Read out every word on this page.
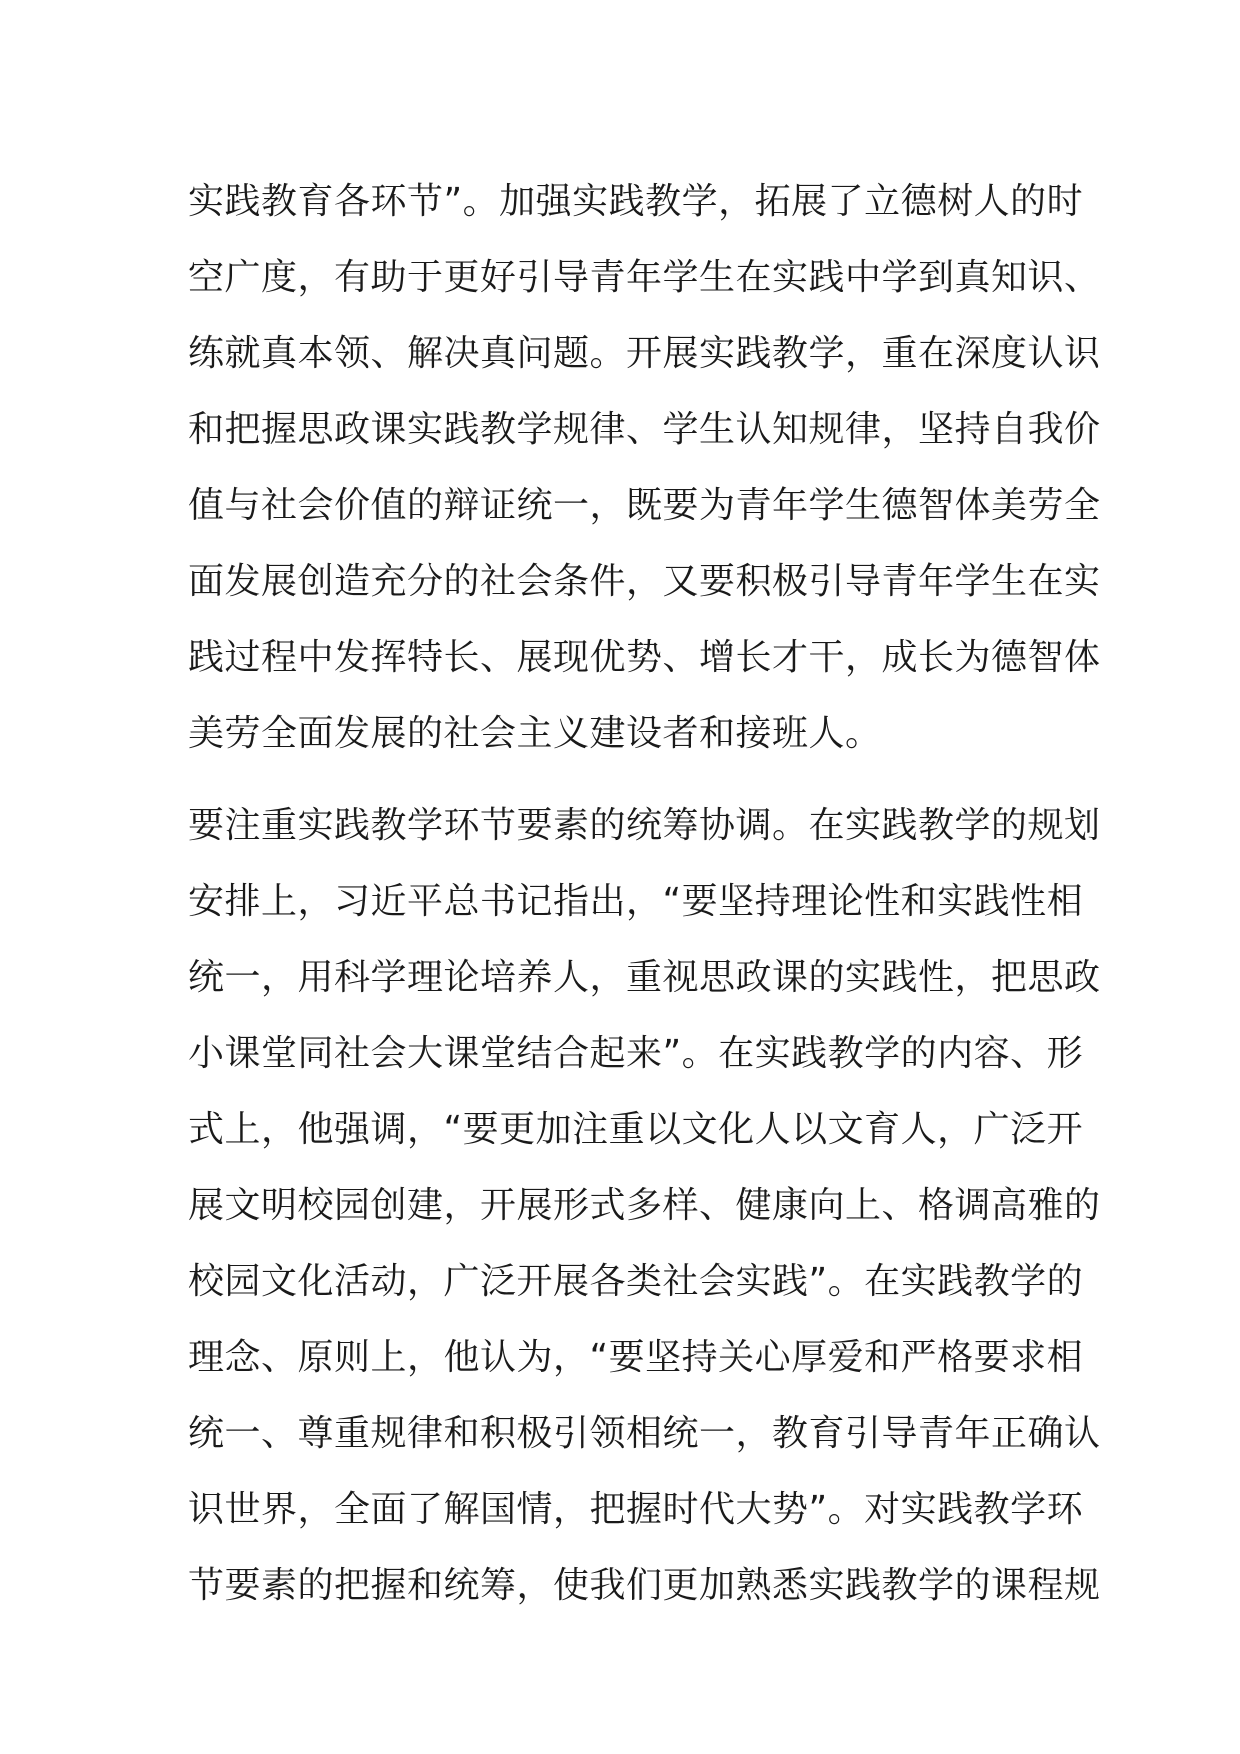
实践教育各环节”。加强实践教学，拓展了立德树人的时
空广度，有助于更好引导青年学生在实践中学到真知识、
练就真本领、解决真问题。开展实践教学，重在深度认识
和把握思政课实践教学规律、学生认知规律，坚持自我价
值与社会价值的辩证统一，既要为青年学生德智体美劳全
面发展创造充分的社会条件，又要积极引导青年学生在实
践过程中发挥特长、展现优势、增长才干，成长为德智体
美劳全面发展的社会主义建设者和接班人。
要注重实践教学环节要素的统筹协调。在实践教学的规划
安排上，习近平总书记指出，“要坚持理论性和实践性相
统一，用科学理论培养人，重视思政课的实践性，把思政
小课堂同社会大课堂结合起来”。在实践教学的内容、形
式上，他强调，“要更加注重以文化人以文育人，广泛开
展文明校园创建，开展形式多样、健康向上、格调高雅的
校园文化活动，广泛开展各类社会实践”。在实践教学的
理念、原则上，他认为，“要坚持关心厚爱和严格要求相
统一、尊重规律和积极引领相统一，教育引导青年正确认
识世界，全面了解国情，把握时代大势”。对实践教学环
节要素的把握和统筹，使我们更加熟悉实践教学的课程规
